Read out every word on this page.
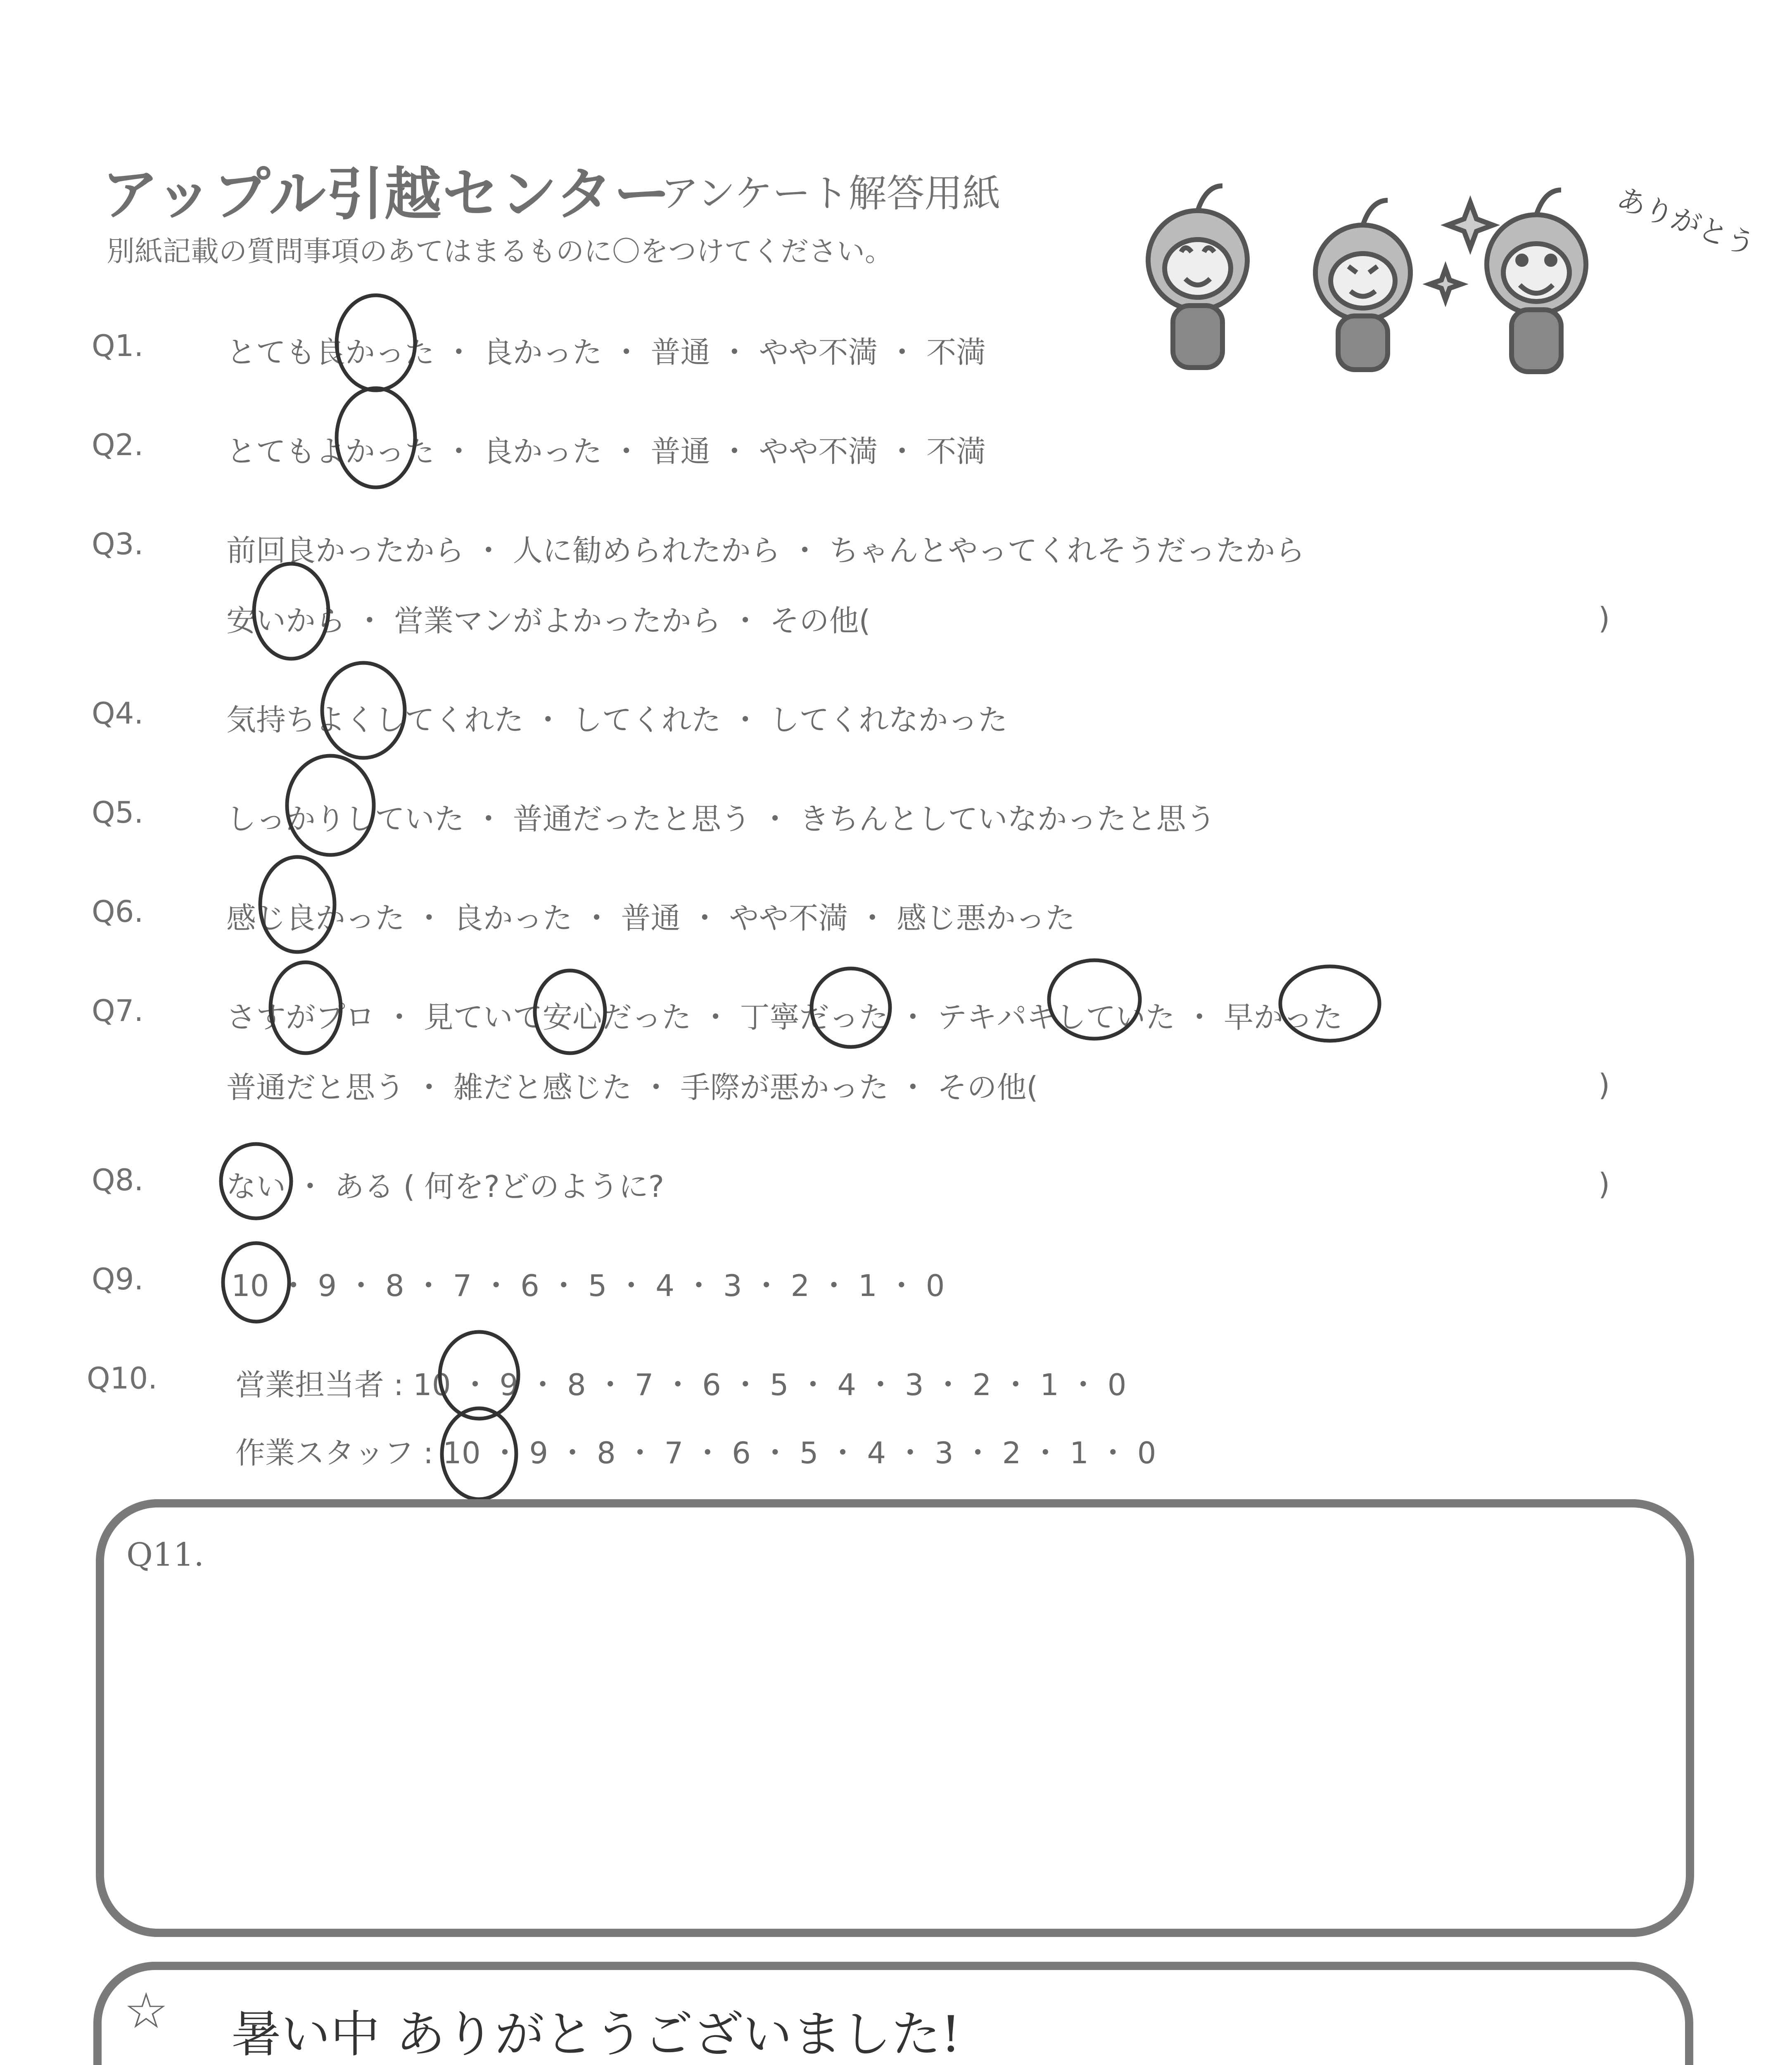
アップル引越センター
アンケート解答用紙
別紙記載の質問事項のあてはまるものに〇をつけてください。	ありがとう
Q1.	とても良かった ・ 良かった ・ 普通 ・ やや不満 ・ 不満
Q2.	とてもよかった ・ 良かった ・ 普通 ・ やや不満 ・ 不満
Q3.	前回良かったから ・ 人に勧められたから ・ ちゃんとやってくれそうだったから
安いから ・ 営業マンがよかったから ・ その他(	)
Q4.	気持ちよくしてくれた ・ してくれた ・ してくれなかった
Q5.	しっかりしていた ・ 普通だったと思う ・ きちんとしていなかったと思う
Q6.	感じ良かった ・ 良かった ・ 普通 ・ やや不満 ・ 感じ悪かった
Q7.	さすがプロ ・ 見ていて安心だった ・ 丁寧だった ・ テキパキしていた ・ 早かった
普通だと思う ・ 雑だと感じた ・ 手際が悪かった ・ その他(	)
Q8.	ない ・ ある ( 何を?どのように?	)
Q9.	10 ・ 9 ・ 8 ・ 7 ・ 6 ・ 5 ・ 4 ・ 3 ・ 2 ・ 1 ・ 0
Q10.	営業担当者 : 10 ・ 9 ・ 8 ・ 7 ・ 6 ・ 5 ・ 4 ・ 3 ・ 2 ・ 1 ・ 0
作業スタッフ : 10 ・ 9 ・ 8 ・ 7 ・ 6 ・ 5 ・ 4 ・ 3 ・ 2 ・ 1 ・ 0
Q11.
☆ 暑い中 ありがとうございました!
